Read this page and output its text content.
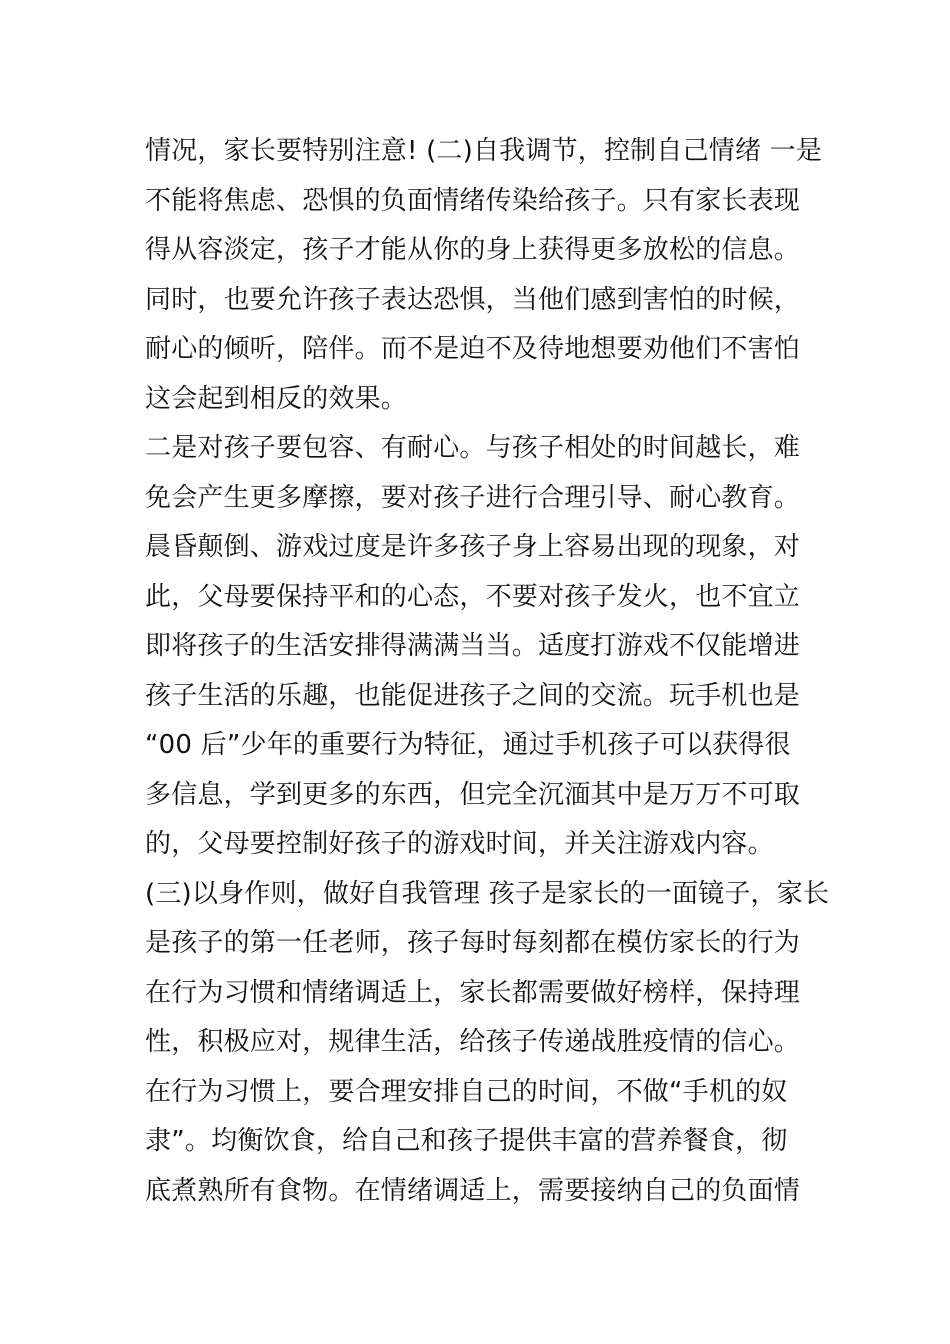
情况，家长要特别注意! (二)自我调节，控制自己情绪 一是
不能将焦虑、恐惧的负面情绪传染给孩子。只有家长表现
得从容淡定，孩子才能从你的身上获得更多放松的信息。
同时，也要允许孩子表达恐惧，当他们感到害怕的时候，
耐心的倾听，陪伴。而不是迫不及待地想要劝他们不害怕
这会起到相反的效果。
二是对孩子要包容、有耐心。与孩子相处的时间越长，难
免会产生更多摩擦，要对孩子进行合理引导、耐心教育。
晨昏颠倒、游戏过度是许多孩子身上容易出现的现象，对
此，父母要保持平和的心态，不要对孩子发火，也不宜立
即将孩子的生活安排得满满当当。适度打游戏不仅能增进
孩子生活的乐趣，也能促进孩子之间的交流。玩手机也是
“00 后”少年的重要行为特征，通过手机孩子可以获得很
多信息，学到更多的东西，但完全沉湎其中是万万不可取
的，父母要控制好孩子的游戏时间，并关注游戏内容。
(三)以身作则，做好自我管理 孩子是家长的一面镜子，家长
是孩子的第一任老师，孩子每时每刻都在模仿家长的行为
在行为习惯和情绪调适上，家长都需要做好榜样，保持理
性，积极应对，规律生活，给孩子传递战胜疫情的信心。
在行为习惯上，要合理安排自己的时间，不做“手机的奴
隶”。均衡饮食，给自己和孩子提供丰富的营养餐食，彻
底煮熟所有食物。在情绪调适上，需要接纳自己的负面情
